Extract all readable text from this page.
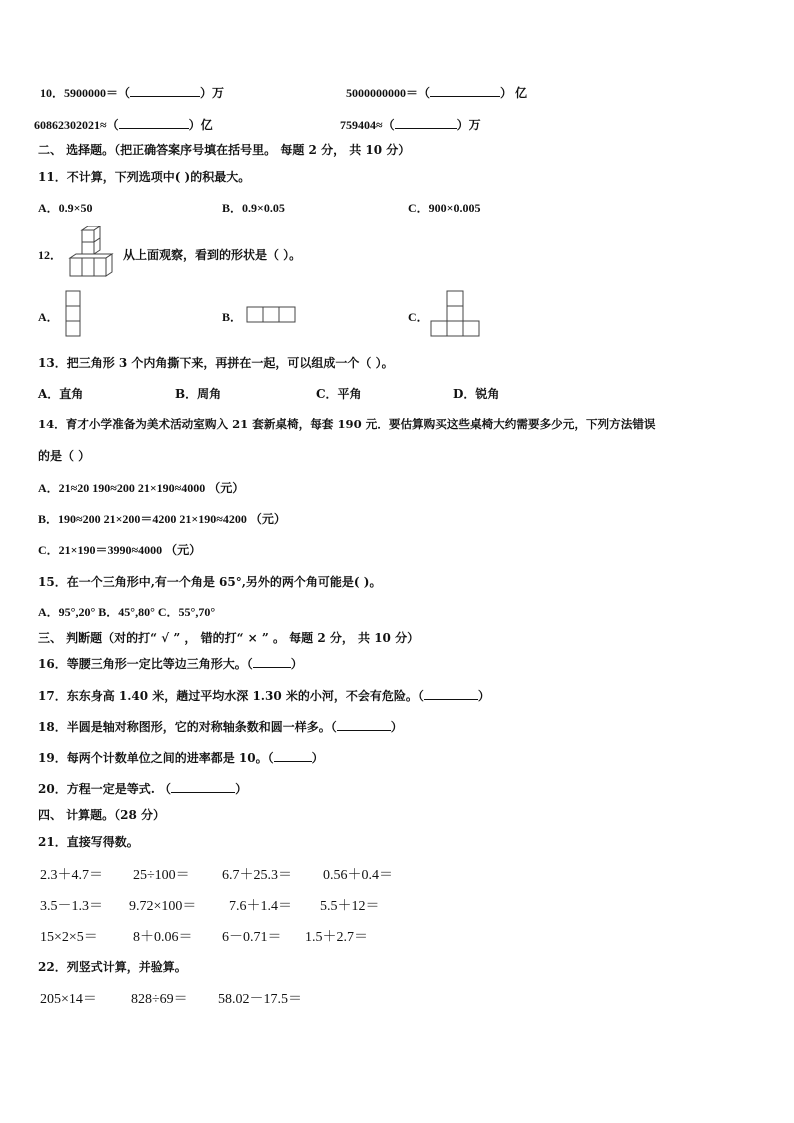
10．5900000＝（	）万	5000000000＝（	） 亿
60862302021≈（	）亿	759404≈（	）万
二、 选择题。（把正确答案序号填在括号里。 每题 2 分， 共 10 分）
11．不计算，下列选项中( )的积最大。
A．0.9×50	B．0.9×0.05	C．900×0.005
12．	从上面观察，看到的形状是（ ）。
A．	B．	C．
13．把三角形 3 个内角撕下来，再拼在一起，可以组成一个（ ）。
A．直角	B．周角	C．平角	D．锐角
14．育才小学准备为美术活动室购入 21 套新桌椅，每套 190 元．要估算购买这些桌椅大约需要多少元，下列方法错误
的是（ ）
A．21≈20 190≈200 21×190≈4000 （元）
B．190≈200 21×200＝4200 21×190≈4200 （元）
C．21×190＝3990≈4000 （元）
15．在一个三角形中,有一个角是 65°,另外的两个角可能是( )。
A．95°,20° B．45°,80° C．55°,70°
三、 判断题（对的打“ √ ” ， 错的打“ × ” 。 每题 2 分， 共 10 分）
16．等腰三角形一定比等边三角形大。（	）
17．东东身高 1.40 米，趟过平均水深 1.30 米的小河，不会有危险。（	）
18．半圆是轴对称图形，它的对称轴条数和圆一样多。（	）
19．每两个计数单位之间的进率都是 10。（	）
20．方程一定是等式. （	）
四、 计算题。（28 分）
21．直接写得数。
2.3＋4.7＝ 25÷100＝ 6.7＋25.3＝ 0.56＋0.4＝
3.5－1.3＝ 9.72×100＝ 7.6＋1.4＝ 5.5＋12＝
15×2×5＝	8＋0.06＝ 6－0.71＝ 1.5＋2.7＝
22．列竖式计算，并验算。
205×14＝ 828÷69＝ 58.02－17.5＝
